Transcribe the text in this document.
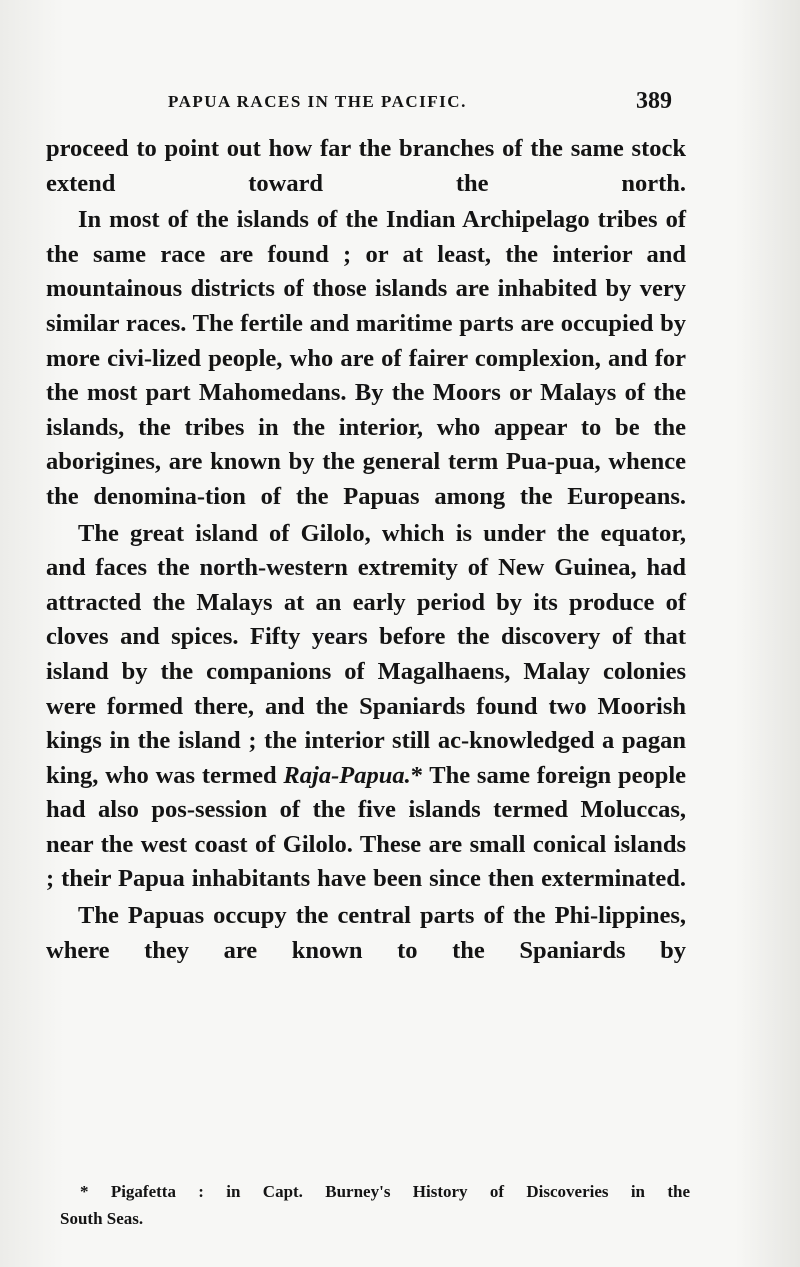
PAPUA RACES IN THE PACIFIC.	389

proceed to point out how far the branches of the same stock extend toward the north.

In most of the islands of the Indian Archipelago tribes of the same race are found ; or at least, the interior and mountainous districts of those islands are inhabited by very similar races. The fertile and maritime parts are occupied by more civi-lized people, who are of fairer complexion, and for the most part Mahomedans. By the Moors or Malays of the islands, the tribes in the interior, who appear to be the aborigines, are known by the general term Pua-pua, whence the denomina-tion of the Papuas among the Europeans.

The great island of Gilolo, which is under the equator, and faces the north-western extremity of New Guinea, had attracted the Malays at an early period by its produce of cloves and spices. Fifty years before the discovery of that island by the companions of Magalhaens, Malay colonies were formed there, and the Spaniards found two Moorish kings in the island ; the interior still ac-knowledged a pagan king, who was termed Raja-Papua.* The same foreign people had also pos-session of the five islands termed Moluccas, near the west coast of Gilolo. These are small conical islands ; their Papua inhabitants have been since then exterminated.

The Papuas occupy the central parts of the Phi-lippines, where they are known to the Spaniards by

* Pigafetta : in Capt. Burney's History of Discoveries in the
South Seas.
